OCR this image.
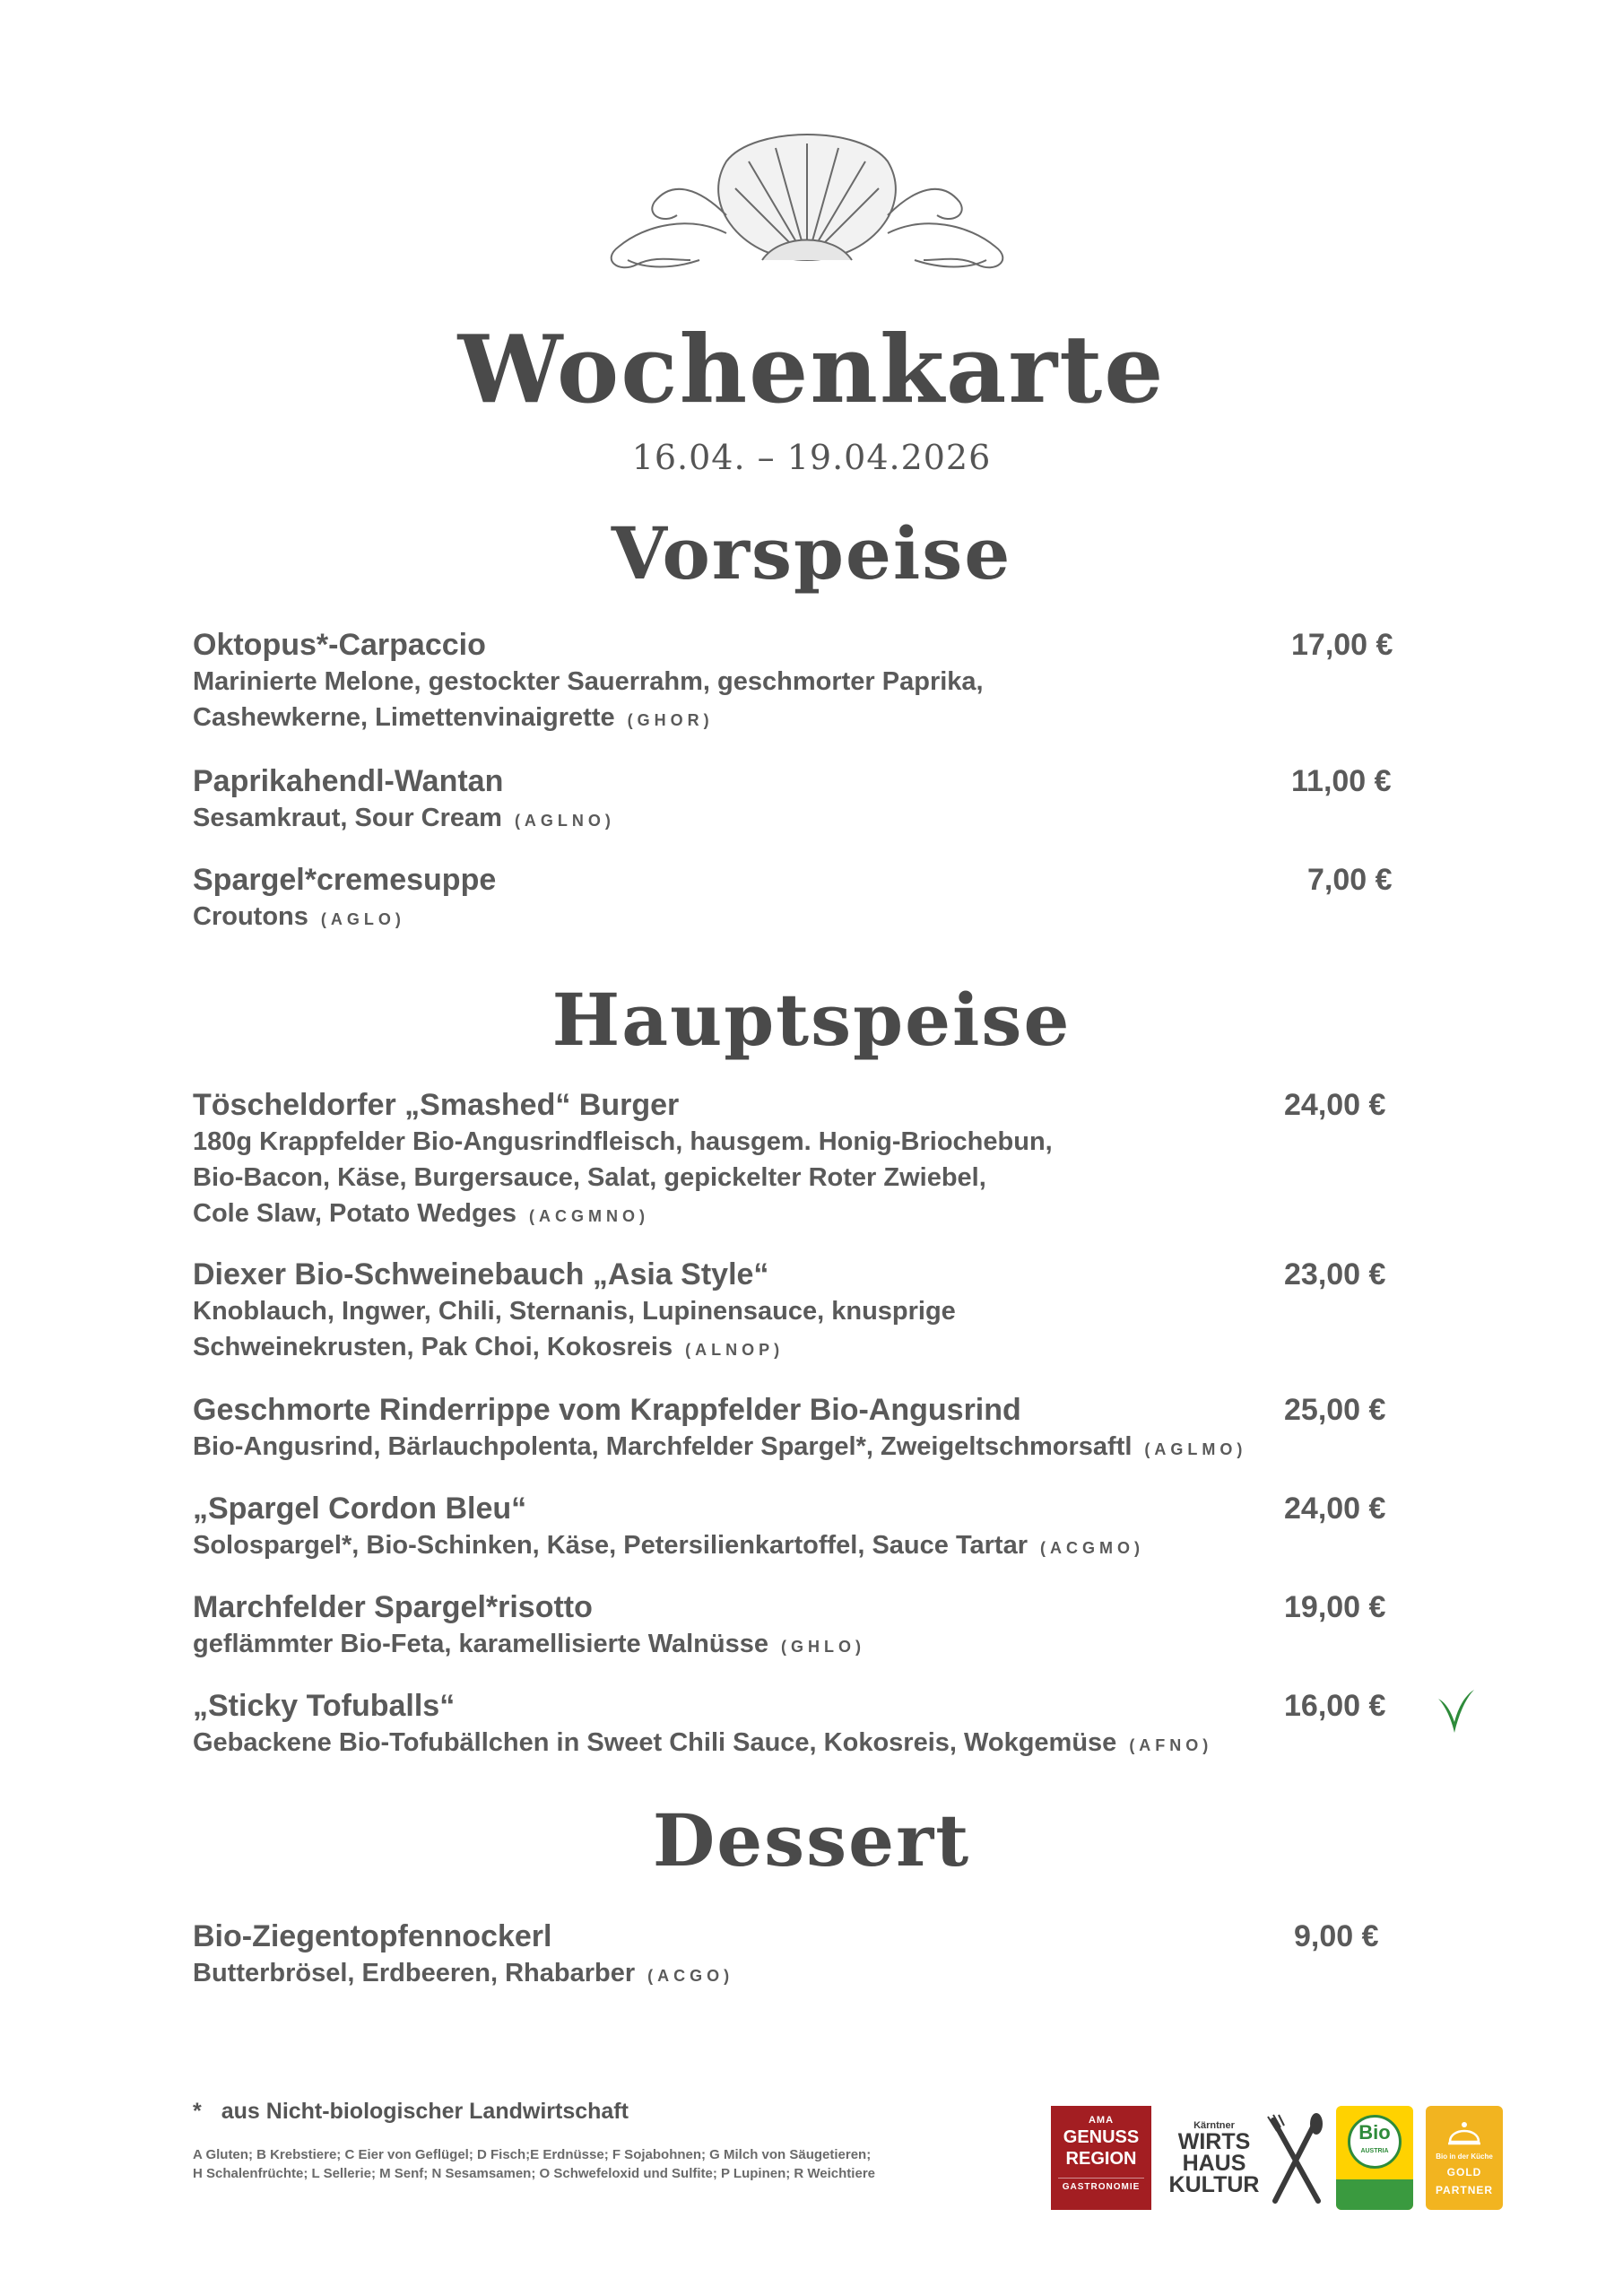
Wochenkarte
16.04. – 19.04.2026
Vorspeise
Oktopus*-Carpaccio	17,00 €
Marinierte Melone, gestockter Sauerrahm, geschmorter Paprika,
Cashewkerne, Limettenvinaigrette (GHOR)
Paprikahendl-Wantan	11,00 €
Sesamkraut, Sour Cream (AGLNO)
Spargel*cremesuppe	7,00 €
Croutons (AGLO)
Hauptspeise
Töscheldorfer „Smashed“ Burger	24,00 €
180g Krappfelder Bio-Angusrindfleisch, hausgem. Honig-Briochebun,
Bio-Bacon, Käse, Burgersauce, Salat, gepickelter Roter Zwiebel,
Cole Slaw, Potato Wedges (ACGMNO)
Diexer Bio-Schweinebauch „Asia Style“	23,00 €
Knoblauch, Ingwer, Chili, Sternanis, Lupinensauce, knusprige
Schweinekrusten, Pak Choi, Kokosreis (ALNOP)
Geschmorte Rinderrippe vom Krappfelder Bio-Angusrind	25,00 €
Bio-Angusrind, Bärlauchpolenta, Marchfelder Spargel*, Zweigeltschmorsaftl (AGLMO)
„Spargel Cordon Bleu“	24,00 €
Solospargel*, Bio-Schinken, Käse, Petersilienkartoffel, Sauce Tartar (ACGMO)
Marchfelder Spargel*risotto	19,00 €
geflämmter Bio-Feta, karamellisierte Walnüsse (GHLO)
„Sticky Tofuballs“	16,00 €
Gebackene Bio-Tofubällchen in Sweet Chili Sauce, Kokosreis, Wokgemüse (AFNO)
Dessert
Bio-Ziegentopfennockerl	9,00 €
Butterbrösel, Erdbeeren, Rhabarber (ACGO)
* aus Nicht-biologischer Landwirtschaft
A Gluten; B Krebstiere; C Eier von Geflügel; D Fisch;E Erdnüsse; F Sojabohnen; G Milch von Säugetieren;
H Schalenfrüchte; L Sellerie; M Senf; N Sesamsamen; O Schwefeloxid und Sulfite; P Lupinen; R Weichtiere
AMA
GENUSS
REGION
GASTRONOMIE
Kärntner
WIRTS
HAUS
KULTUR
Bio
AUSTRIA
Bio in der Küche
GOLD
PARTNER
